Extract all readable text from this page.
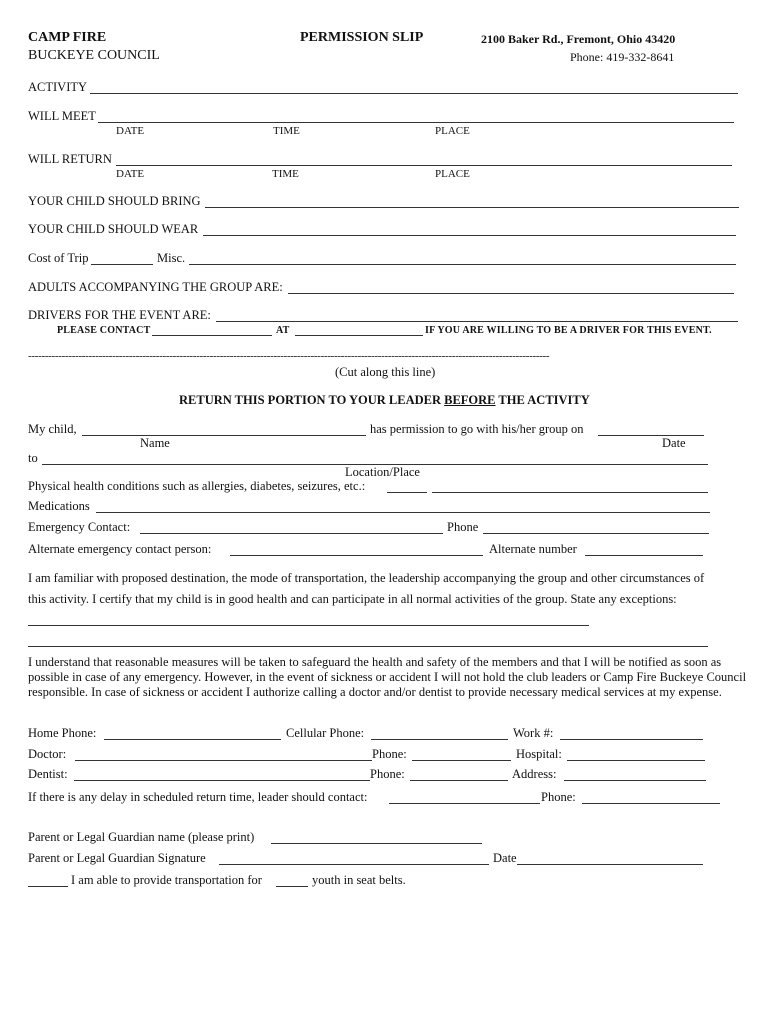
CAMP FIRE
BUCKEYE COUNCIL
PERMISSION SLIP	2100 Baker Rd., Fremont, Ohio 43420
Phone: 419-332-8641
ACTIVITY
WILL MEET
DATE	TIME	PLACE
WILL RETURN
DATE	TIME	PLACE
YOUR CHILD SHOULD BRING
YOUR CHILD SHOULD WEAR
Cost of Trip	Misc.
ADULTS ACCOMPANYING THE GROUP ARE:
DRIVERS FOR THE EVENT ARE:
PLEASE CONTACT	AT	IF YOU ARE WILLING TO BE A DRIVER FOR THIS EVENT.
-----------------------------------------------------------------------------------------------------------------------------------------------------------
(Cut along this line)
RETURN THIS PORTION TO YOUR LEADER BEFORE THE ACTIVITY
My child,	has permission to go with his/her group on
Name	Date
to
Location/Place
Physical health conditions such as allergies, diabetes, seizures, etc.:
Medications
Emergency Contact:	Phone
Alternate emergency contact person:	Alternate number
I am familiar with proposed destination, the mode of transportation, the leadership accompanying the group and other circumstances of
this activity. I certify that my child is in good health and can participate in all normal activities of the group. State any exceptions:
I understand that reasonable measures will be taken to safeguard the health and safety of the members and that I will be notified as soon as possible in case of any emergency. However, in the event of sickness or accident I will not hold the club leaders or Camp Fire Buckeye Council responsible. In case of sickness or accident I authorize calling a doctor and/or dentist to provide necessary medical services at my expense.
Home Phone:	Cellular Phone:	Work #:
Doctor:	Phone:	Hospital:
Dentist:	Phone:	Address:
If there is any delay in scheduled return time, leader should contact:	Phone:
Parent or Legal Guardian name (please print)
Parent or Legal Guardian Signature	Date
I am able to provide transportation for	youth in seat belts.
